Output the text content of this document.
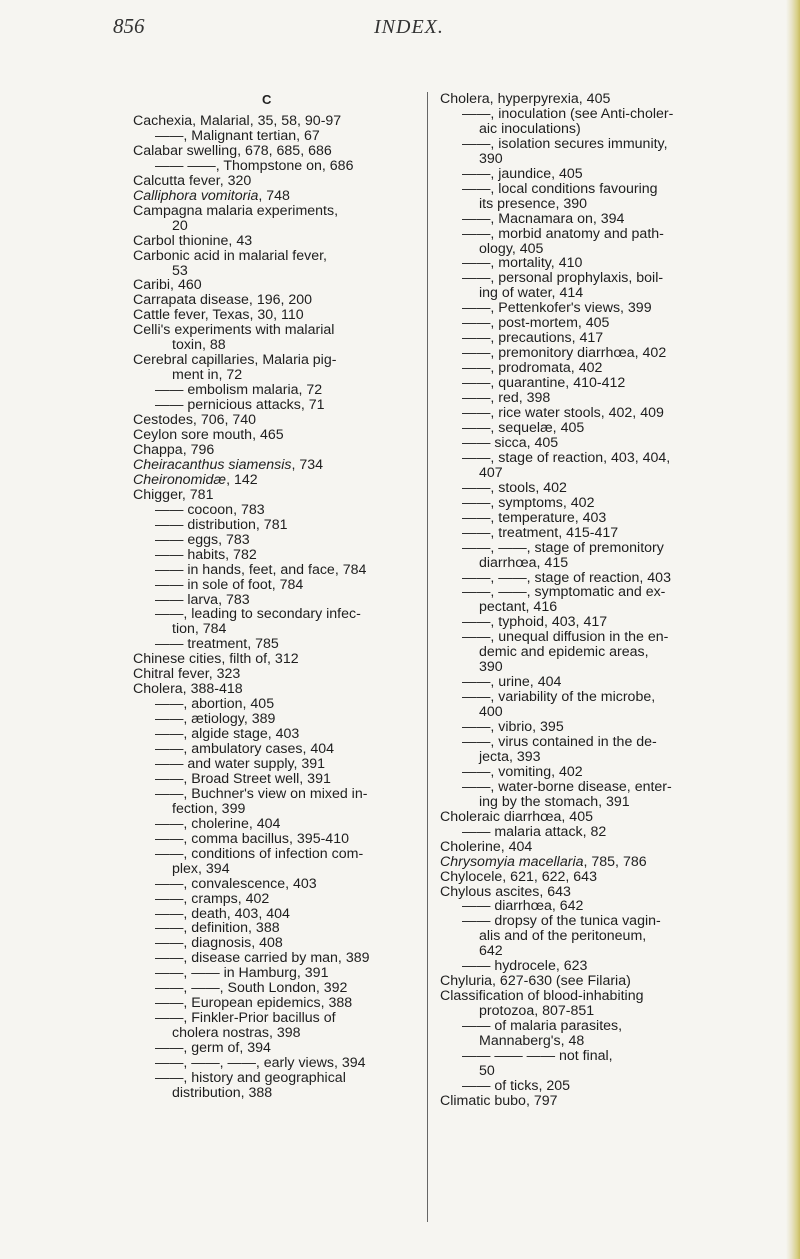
856	INDEX.
C
Cachexia, Malarial, 35, 58, 90-97
——, Malignant tertian, 67
Calabar swelling, 678, 685, 686
—— ——, Thompstone on, 686
Calcutta fever, 320
Calliphora vomitoria, 748
Campagna malaria experiments,
20
Carbol thionine, 43
Carbonic acid in malarial fever,
53
Caribi, 460
Carrapata disease, 196, 200
Cattle fever, Texas, 30, 110
Celli's experiments with malarial
toxin, 88
Cerebral capillaries, Malaria pig-
ment in, 72
—— embolism malaria, 72
—— pernicious attacks, 71
Cestodes, 706, 740
Ceylon sore mouth, 465
Chappa, 796
Cheiracanthus siamensis, 734
Cheironomidæ, 142
Chigger, 781
—— cocoon, 783
—— distribution, 781
—— eggs, 783
—— habits, 782
—— in hands, feet, and face, 784
—— in sole of foot, 784
—— larva, 783
——, leading to secondary infec-
tion, 784
—— treatment, 785
Chinese cities, filth of, 312
Chitral fever, 323
Cholera, 388-418
——, abortion, 405
——, ætiology, 389
——, algide stage, 403
——, ambulatory cases, 404
—— and water supply, 391
——, Broad Street well, 391
——, Buchner's view on mixed in-
fection, 399
——, cholerine, 404
——, comma bacillus, 395-410
——, conditions of infection com-
plex, 394
——, convalescence, 403
——, cramps, 402
——, death, 403, 404
——, definition, 388
——, diagnosis, 408
——, disease carried by man, 389
——, —— in Hamburg, 391
——, ——, South London, 392
——, European epidemics, 388
——, Finkler-Prior bacillus of
cholera nostras, 398
——, germ of, 394
——, ——, ——, early views, 394
——, history and geographical
distribution, 388
Cholera, hyperpyrexia, 405
——, inoculation (see Anti-choler-
aic inoculations)
——, isolation secures immunity,
390
——, jaundice, 405
——, local conditions favouring
its presence, 390
——, Macnamara on, 394
——, morbid anatomy and path-
ology, 405
——, mortality, 410
——, personal prophylaxis, boil-
ing of water, 414
——, Pettenkofer's views, 399
——, post-mortem, 405
——, precautions, 417
——, premonitory diarrhœa, 402
——, prodromata, 402
——, quarantine, 410-412
——, red, 398
——, rice water stools, 402, 409
——, sequelæ, 405
—— sicca, 405
——, stage of reaction, 403, 404,
407
——, stools, 402
——, symptoms, 402
——, temperature, 403
——, treatment, 415-417
——, ——, stage of premonitory
diarrhœa, 415
——, ——, stage of reaction, 403
——, ——, symptomatic and ex-
pectant, 416
——, typhoid, 403, 417
——, unequal diffusion in the en-
demic and epidemic areas,
390
——, urine, 404
——, variability of the microbe,
400
——, vibrio, 395
——, virus contained in the de-
jecta, 393
——, vomiting, 402
——, water-borne disease, enter-
ing by the stomach, 391
Choleraic diarrhœa, 405
—— malaria attack, 82
Cholerine, 404
Chrysomyia macellaria, 785, 786
Chylocele, 621, 622, 643
Chylous ascites, 643
—— diarrhœa, 642
—— dropsy of the tunica vagin-
alis and of the peritoneum,
642
—— hydrocele, 623
Chyluria, 627-630 (see Filaria)
Classification of blood-inhabiting
protozoa, 807-851
—— of malaria parasites,
Mannaberg's, 48
—— —— —— not final,
50
—— of ticks, 205
Climatic bubo, 797
